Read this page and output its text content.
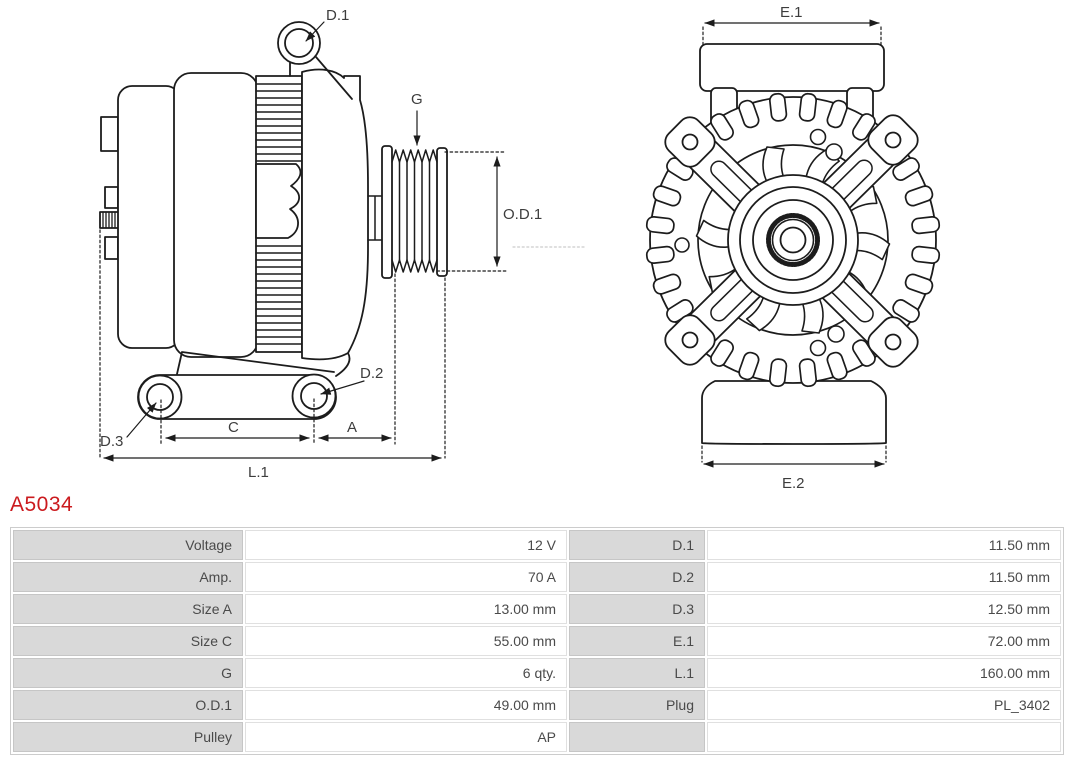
D.1
G
O.D.1
D.2
D.3
C	A
L.1
E.1
E.2
A5034
Voltage	12 V	D.1	11.50 mm
Amp.	70 A	D.2	11.50 mm
Size A	13.00 mm	D.3	12.50 mm
Size C	55.00 mm	E.1	72.00 mm
G	6 qty.	L.1	160.00 mm
O.D.1	49.00 mm	Plug	PL_3402
Pulley	AP
